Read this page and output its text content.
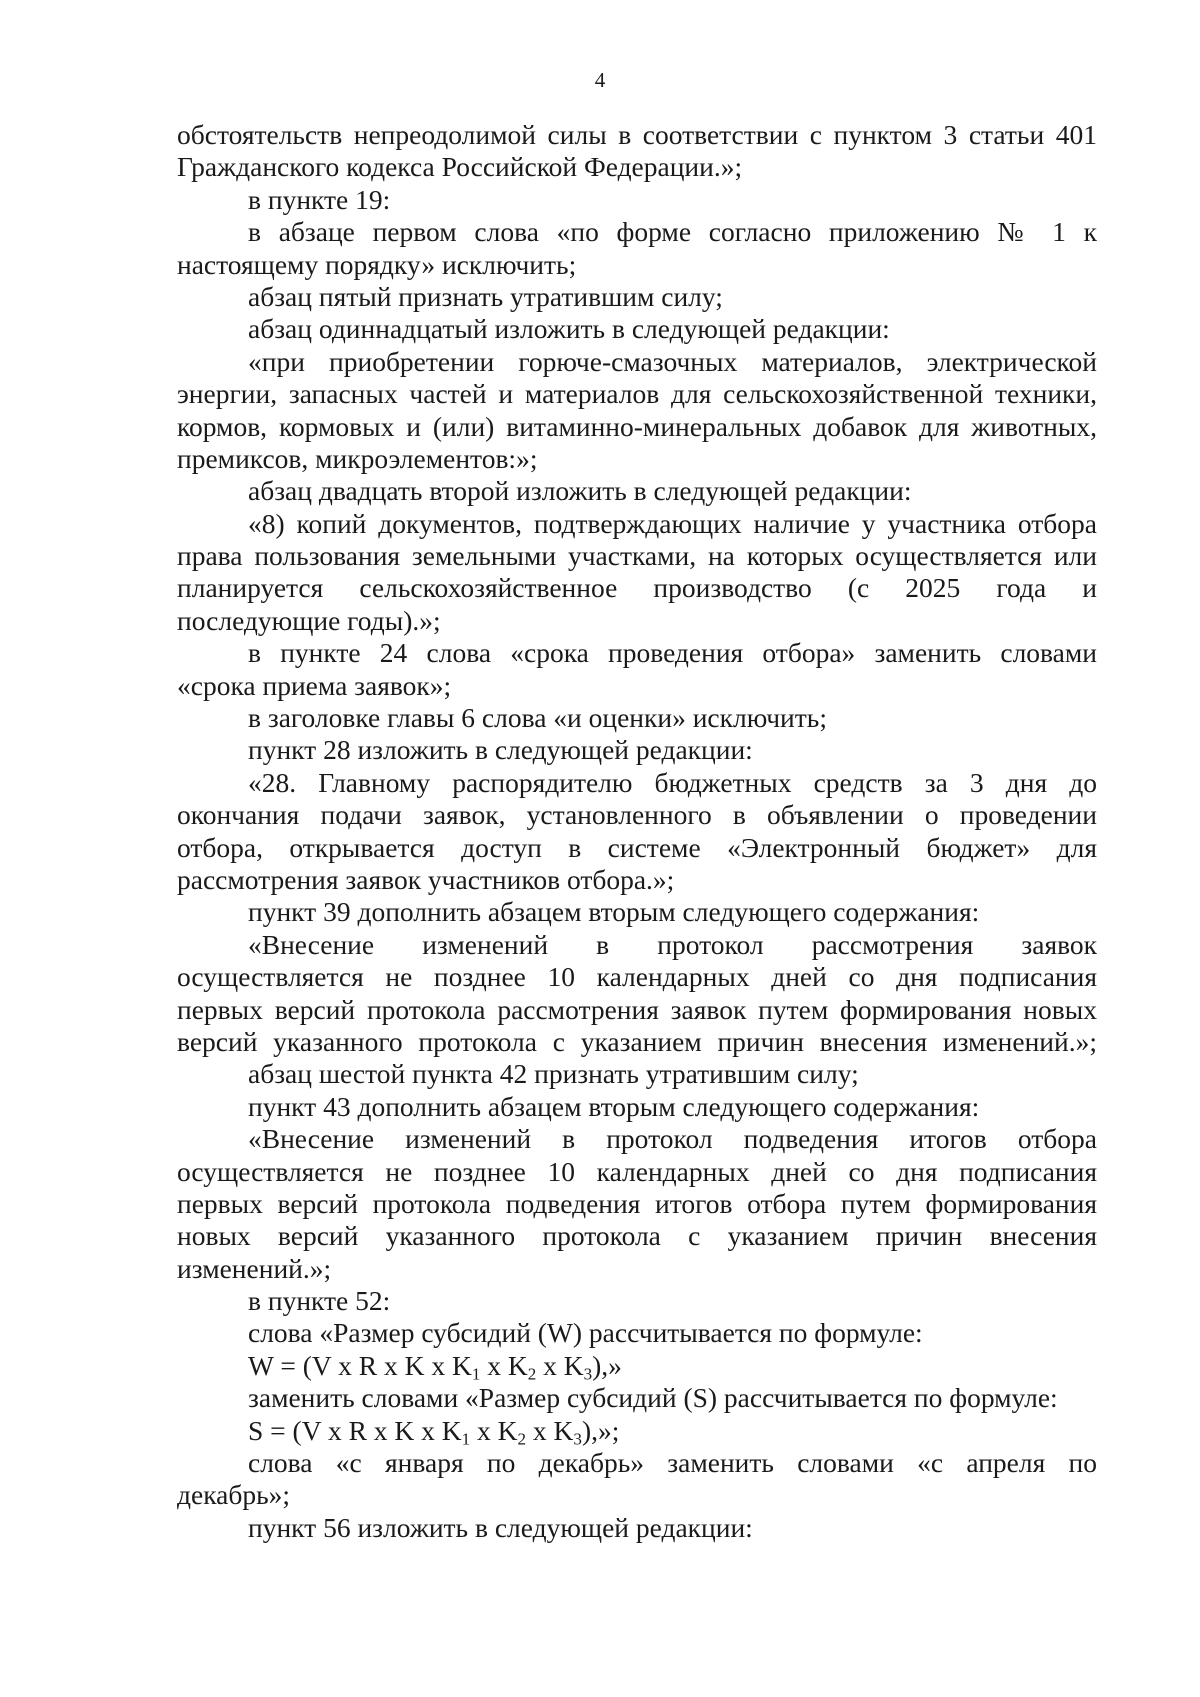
4
обстоятельств непреодолимой силы в соответствии с пунктом 3 статьи 401
Гражданского кодекса Российской Федерации.»;
в пункте 19:
в абзаце первом слова «по форме согласно приложению № 1 к
настоящему порядку» исключить;
абзац пятый признать утратившим силу;
абзац одиннадцатый изложить в следующей редакции:
«при приобретении горюче-смазочных материалов, электрической
энергии, запасных частей и материалов для сельскохозяйственной техники,
кормов, кормовых и (или) витаминно-минеральных добавок для животных,
премиксов, микроэлементов:»;
абзац двадцать второй изложить в следующей редакции:
«8) копий документов, подтверждающих наличие у участника отбора
права пользования земельными участками, на которых осуществляется или
планируется сельскохозяйственное производство (с 2025 года и
последующие годы).»;
в пункте 24 слова «срока проведения отбора» заменить словами
«срока приема заявок»;
в заголовке главы 6 слова «и оценки» исключить;
пункт 28 изложить в следующей редакции:
«28. Главному распорядителю бюджетных средств за 3 дня до
окончания подачи заявок, установленного в объявлении о проведении
отбора, открывается доступ в системе «Электронный бюджет» для
рассмотрения заявок участников отбора.»;
пункт 39 дополнить абзацем вторым следующего содержания:
«Внесение изменений в протокол рассмотрения заявок
осуществляется не позднее 10 календарных дней со дня подписания
первых версий протокола рассмотрения заявок путем формирования новых
версий указанного протокола с указанием причин внесения изменений.»;
абзац шестой пункта 42 признать утратившим силу;
пункт 43 дополнить абзацем вторым следующего содержания:
«Внесение изменений в протокол подведения итогов отбора
осуществляется не позднее 10 календарных дней со дня подписания
первых версий протокола подведения итогов отбора путем формирования
новых версий указанного протокола с указанием причин внесения
изменений.»;
в пункте 52:
слова «Размер субсидий (W) рассчитывается по формуле:
W = (V x R x K x $K_1$ x $K_2$ x $K_3$),»
заменить словами «Размер субсидий (S) рассчитывается по формуле:
S = (V x R x K x $K_1$ x $K_2$ x $K_3$),»;
слова «с января по декабрь» заменить словами «с апреля по
декабрь»;
пункт 56 изложить в следующей редакции:
